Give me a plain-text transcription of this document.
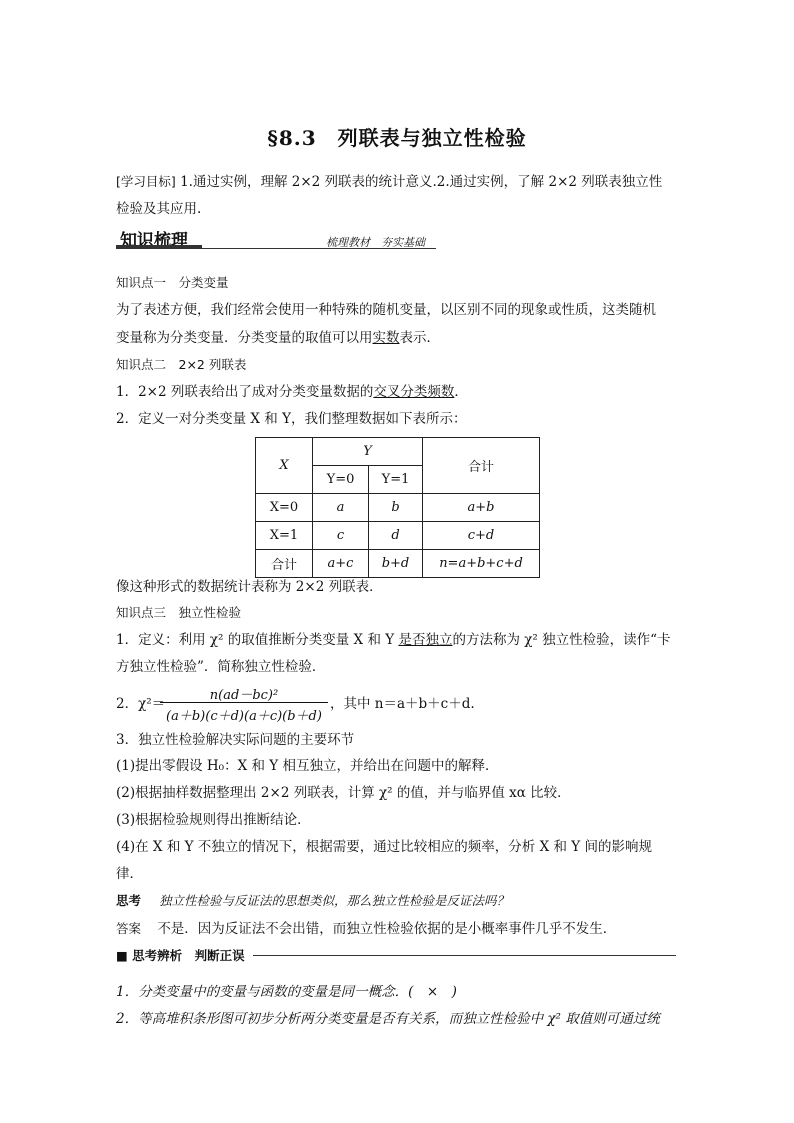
§8.3　列联表与独立性检验
[学习目标] 1.通过实例，理解 2×2 列联表的统计意义.2.通过实例，了解 2×2 列联表独立性
检验及其应用.
知识梳理	梳理教材　夯实基础
知识点一　分类变量
为了表述方便，我们经常会使用一种特殊的随机变量，以区别不同的现象或性质，这类随机
变量称为分类变量．分类变量的取值可以用实数表示．
知识点二　2×2 列联表
1．2×2 列联表给出了成对分类变量数据的交叉分类频数．
2．定义一对分类变量 X 和 Y，我们整理数据如下表所示：
X	Y		合计
	Y=0	Y=1	
X=0	a	b	a+b
X=1	c	d	c+d
合计	a+c	b+d	n=a+b+c+d
像这种形式的数据统计表称为 2×2 列联表．
知识点三　独立性检验
1．定义：利用 χ² 的取值推断分类变量 X 和 Y 是否独立的方法称为 χ² 独立性检验，读作“卡
方独立性检验”．简称独立性检验．
2．χ²＝
$\frac{\text{n(ad－bc)²}}{(a+b)(c+d)(a+c)(b+d)}$ ，其中 n＝a＋b＋c＋d.
3．独立性检验解决实际问题的主要环节
(1)提出零假设 H₀：X 和 Y 相互独立，并给出在问题中的解释．
(2)根据抽样数据整理出 2×2 列联表，计算 χ² 的值，并与临界值 xα 比较．
(3)根据检验规则得出推断结论．
(4)在 X 和 Y 不独立的情况下，根据需要，通过比较相应的频率，分析 X 和 Y 间的影响规
律．
思考 独立性检验与反证法的思想类似，那么独立性检验是反证法吗？
答案 不是．因为反证法不会出错，而独立性检验依据的是小概率事件几乎不发生．
■ 思考辨析　判断正误
1．分类变量中的变量与函数的变量是同一概念．(　×　)
2．等高堆积条形图可初步分析两分类变量是否有关系，而独立性检验中 χ² 取值则可通过统
